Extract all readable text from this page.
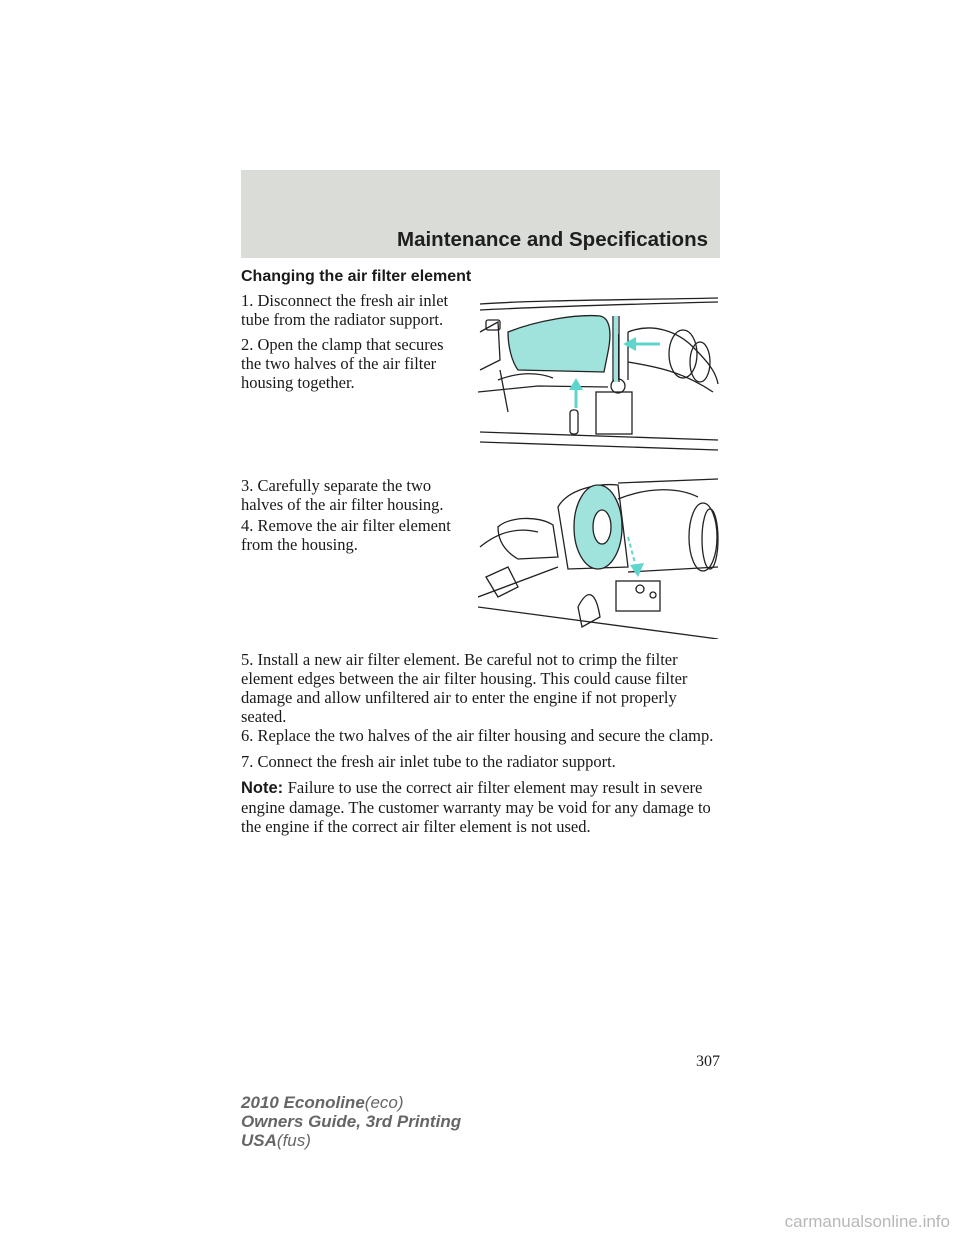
Maintenance and Specifications
Changing the air filter element

1. Disconnect the fresh air inlet tube from the radiator support.

2. Open the clamp that secures the two halves of the air filter housing together.

3. Carefully separate the two halves of the air filter housing.

4. Remove the air filter element from the housing.

5. Install a new air filter element. Be careful not to crimp the filter element edges between the air filter housing. This could cause filter damage and allow unfiltered air to enter the engine if not properly seated.

6. Replace the two halves of the air filter housing and secure the clamp.

7. Connect the fresh air inlet tube to the radiator support.

Note: Failure to use the correct air filter element may result in severe engine damage. The customer warranty may be void for any damage to the engine if the correct air filter element is not used.

307
2010 Econoline(eco)
Owners Guide, 3rd Printing
USA(fus)
carmanualsonline.info
